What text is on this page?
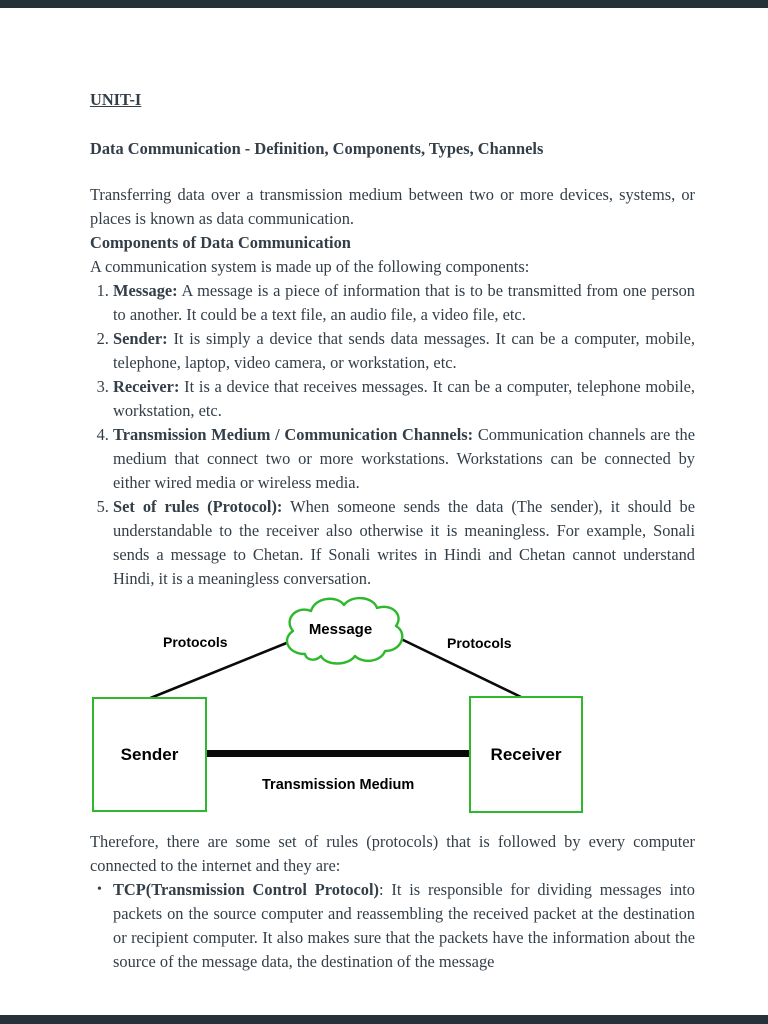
UNIT-I

Data Communication - Definition, Components, Types, Channels

Transferring data over a transmission medium between two or more devices, systems, or places is known as data communication.

Components of Data Communication

A communication system is made up of the following components:

1. Message: A message is a piece of information that is to be transmitted from one person to another. It could be a text file, an audio file, a video file, etc.
2. Sender: It is simply a device that sends data messages. It can be a computer, mobile, telephone, laptop, video camera, or workstation, etc.
3. Receiver: It is a device that receives messages. It can be a computer, telephone mobile, workstation, etc.
4. Transmission Medium / Communication Channels: Communication channels are the medium that connect two or more workstations. Workstations can be connected by either wired media or wireless media.
5. Set of rules (Protocol): When someone sends the data (The sender), it should be understandable to the receiver also otherwise it is meaningless. For example, Sonali sends a message to Chetan. If Sonali writes in Hindi and Chetan cannot understand Hindi, it is a meaningless conversation.
Message
Protocols	Protocols
Sender	Receiver
Transmission Medium

Therefore, there are some set of rules (protocols) that is followed by every computer connected to the internet and they are:

• TCP(Transmission Control Protocol): It is responsible for dividing messages into packets on the source computer and reassembling the received packet at the destination or recipient computer. It also makes sure that the packets have the information about the source of the message data, the destination of the message
